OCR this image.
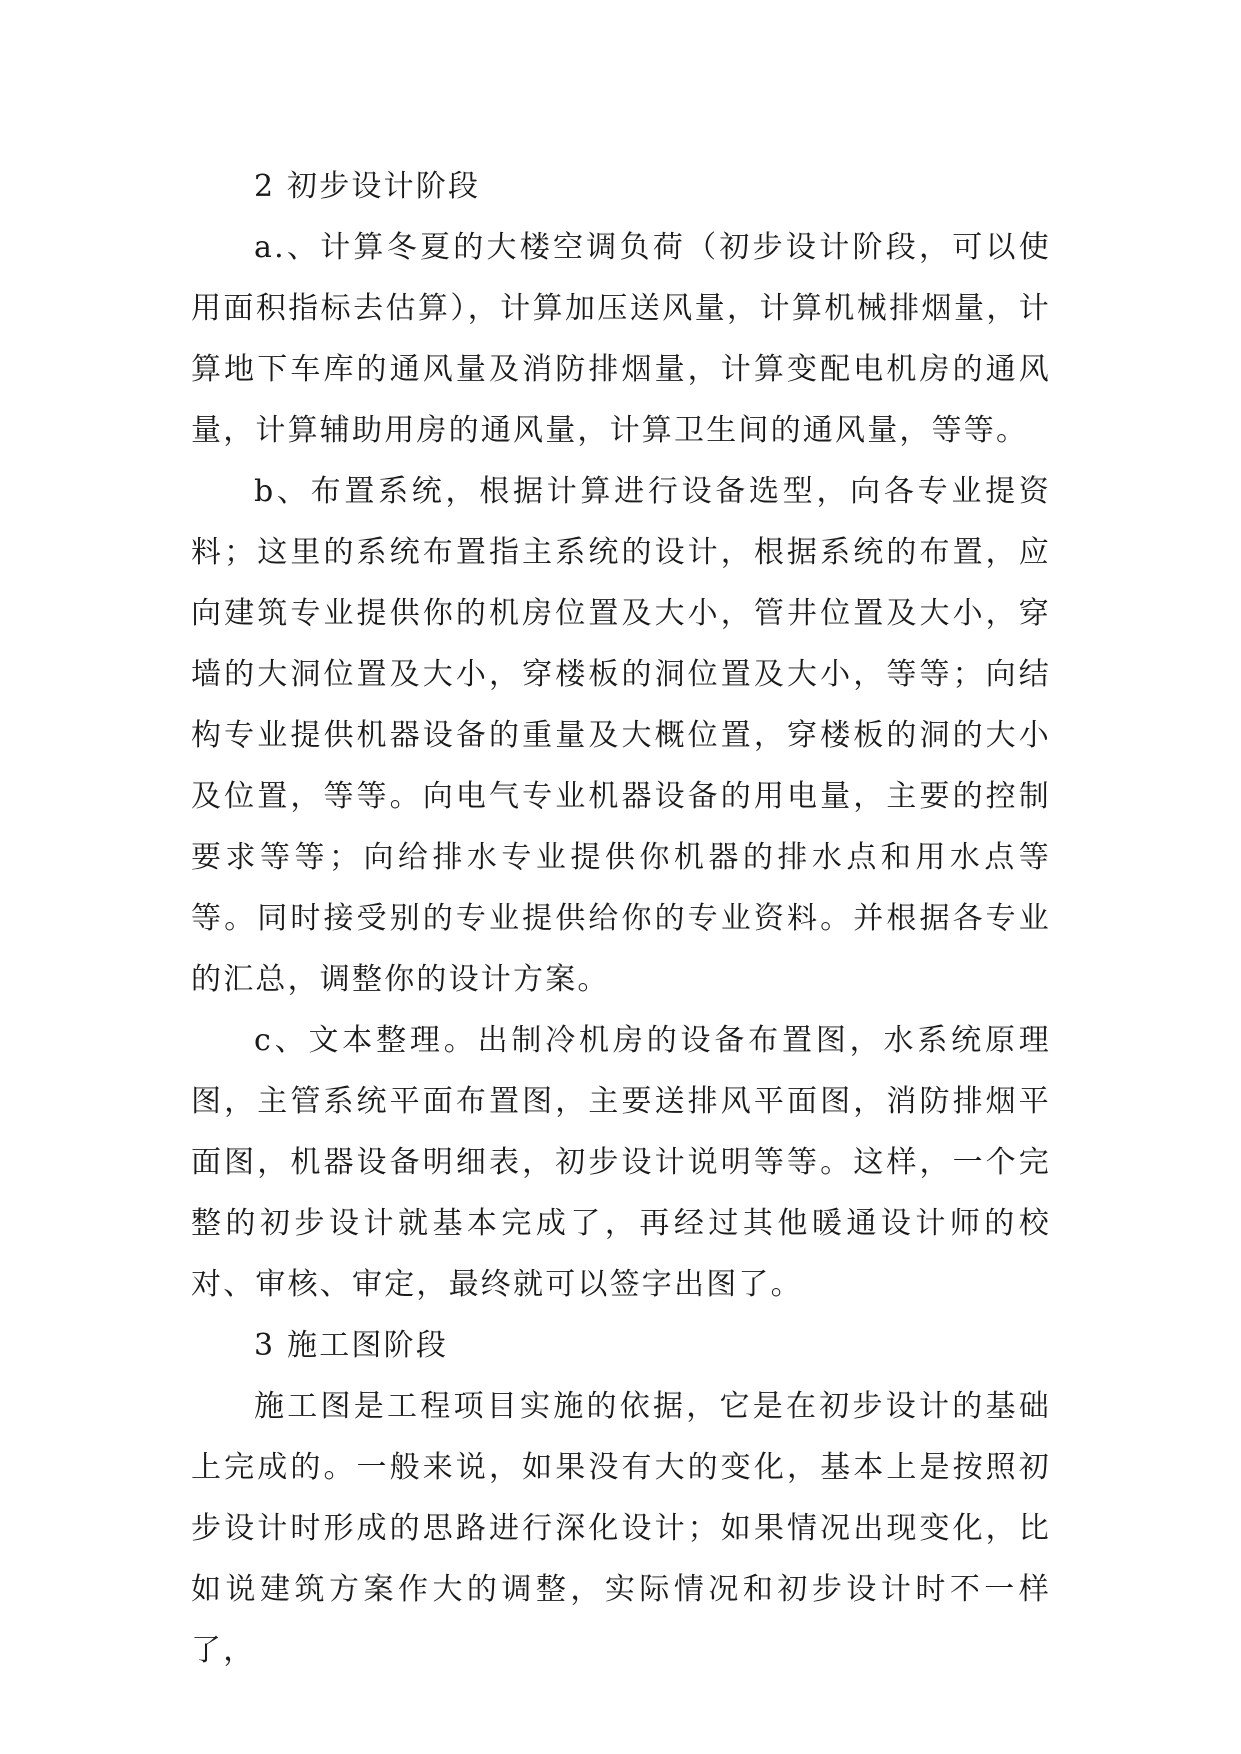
2 初步设计阶段

a.、计算冬夏的大楼空调负荷（初步设计阶段，可以使用面积指标去估算），计算加压送风量，计算机械排烟量，计算地下车库的通风量及消防排烟量，计算变配电机房的通风量，计算辅助用房的通风量，计算卫生间的通风量，等等。

b、布置系统，根据计算进行设备选型，向各专业提资料；这里的系统布置指主系统的设计，根据系统的布置，应向建筑专业提供你的机房位置及大小，管井位置及大小，穿墙的大洞位置及大小，穿楼板的洞位置及大小，等等；向结构专业提供机器设备的重量及大概位置，穿楼板的洞的大小及位置，等等。向电气专业机器设备的用电量，主要的控制要求等等；向给排水专业提供你机器的排水点和用水点等等。同时接受别的专业提供给你的专业资料。并根据各专业的汇总，调整你的设计方案。

c、文本整理。出制冷机房的设备布置图，水系统原理图，主管系统平面布置图，主要送排风平面图，消防排烟平面图，机器设备明细表，初步设计说明等等。这样，一个完整的初步设计就基本完成了，再经过其他暖通设计师的校对、审核、审定，最终就可以签字出图了。

3 施工图阶段

施工图是工程项目实施的依据，它是在初步设计的基础上完成的。一般来说，如果没有大的变化，基本上是按照初步设计时形成的思路进行深化设计；如果情况出现变化，比如说建筑方案作大的调整，实际情况和初步设计时不一样了，
